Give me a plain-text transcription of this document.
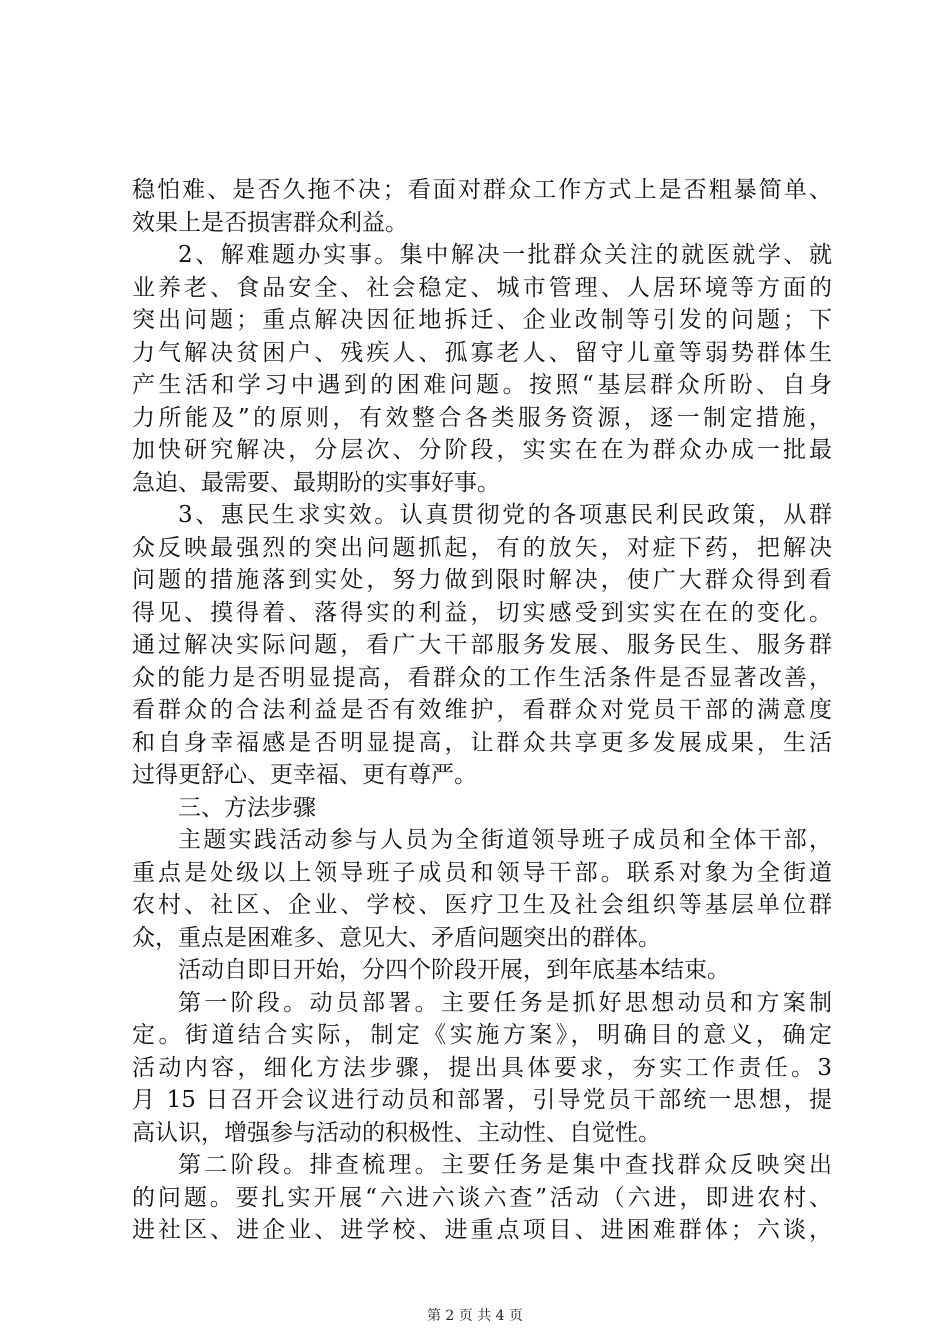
稳怕难、是否久拖不决；看面对群众工作方式上是否粗暴简单、
效果上是否损害群众利益。
2、解难题办实事。集中解决一批群众关注的就医就学、就
业养老、食品安全、社会稳定、城市管理、人居环境等方面的
突出问题；重点解决因征地拆迁、企业改制等引发的问题；下
力气解决贫困户、残疾人、孤寡老人、留守儿童等弱势群体生
产生活和学习中遇到的困难问题。按照“基层群众所盼、自身
力所能及”的原则，有效整合各类服务资源，逐一制定措施，
加快研究解决，分层次、分阶段，实实在在为群众办成一批最
急迫、最需要、最期盼的实事好事。
3、惠民生求实效。认真贯彻党的各项惠民利民政策，从群
众反映最强烈的突出问题抓起，有的放矢，对症下药，把解决
问题的措施落到实处，努力做到限时解决，使广大群众得到看
得见、摸得着、落得实的利益，切实感受到实实在在的变化。
通过解决实际问题，看广大干部服务发展、服务民生、服务群
众的能力是否明显提高，看群众的工作生活条件是否显著改善，
看群众的合法利益是否有效维护，看群众对党员干部的满意度
和自身幸福感是否明显提高，让群众共享更多发展成果，生活
过得更舒心、更幸福、更有尊严。
三、方法步骤
主题实践活动参与人员为全街道领导班子成员和全体干部，
重点是处级以上领导班子成员和领导干部。联系对象为全街道
农村、社区、企业、学校、医疗卫生及社会组织等基层单位群
众，重点是困难多、意见大、矛盾问题突出的群体。
活动自即日开始，分四个阶段开展，到年底基本结束。
第一阶段。动员部署。主要任务是抓好思想动员和方案制
定。街道结合实际，制定《实施方案》，明确目的意义，确定
活动内容，细化方法步骤，提出具体要求，夯实工作责任。3
月 15 日召开会议进行动员和部署，引导党员干部统一思想，提
高认识，增强参与活动的积极性、主动性、自觉性。
第二阶段。排查梳理。主要任务是集中查找群众反映突出
的问题。要扎实开展“六进六谈六查”活动（六进，即进农村、
进社区、进企业、进学校、进重点项目、进困难群体；六谈，
第 2 页 共 4 页
